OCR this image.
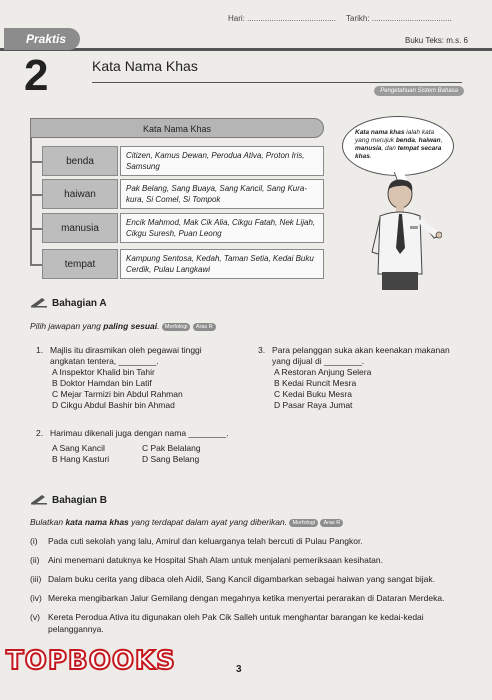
Hari: ........................................ Tarikh: ....................................
Praktis	Buku Teks: m.s. 6
2	Kata Nama Khas
Pengetahuan Sistem Bahasa
Kata Nama Khas
benda
Citizen, Kamus Dewan, Perodua Ativa, Proton Iris, Samsung
haiwan
Pak Belang, Sang Buaya, Sang Kancil, Sang Kura-kura, Si Comel, Si Tompok
manusia
Encik Mahmod, Mak Cik Alia, Cikgu Fatah, Nek Lijah, Cikgu Suresh, Puan Leong
tempat
Kampung Sentosa, Kedah, Taman Setia, Kedai Buku Cerdik, Pulau Langkawi
Kata nama khas ialah kata yang merujuk benda, haiwan, manusia, dan tempat secara khas.
Bahagian A
Pilih jawapan yang paling sesuai. Morfologi Aras R
1. Majlis itu dirasmikan oleh pegawai tinggi angkatan tentera, ________.
A Inspektor Khalid bin Tahir
B Doktor Hamdan bin Latif
C Mejar Tarmizi bin Abdul Rahman
D Cikgu Abdul Bashir bin Ahmad
2. Harimau dikenali juga dengan nama ________.
A Sang Kancil	C Pak Belalang
B Hang Kasturi	D Sang Belang
3. Para pelanggan suka akan keenakan makanan yang dijual di ________.
A Restoran Anjung Selera
B Kedai Runcit Mesra
C Kedai Buku Mesra
D Pasar Raya Jumat
Bahagian B
Bulatkan kata nama khas yang terdapat dalam ayat yang diberikan. Morfologi Aras R
(i)	Pada cuti sekolah yang lalu, Amirul dan keluarganya telah bercuti di Pulau Pangkor.
(ii)	Aini menemani datuknya ke Hospital Shah Alam untuk menjalani pemeriksaan kesihatan.
(iii) Dalam buku cerita yang dibaca oleh Aidil, Sang Kancil digambarkan sebagai haiwan yang sangat bijak.
(iv) Mereka mengibarkan Jalur Gemilang dengan megahnya ketika menyertai perarakan di Dataran Merdeka.
(v) Kereta Perodua Ativa itu digunakan oleh Pak Cik Salleh untuk menghantar barangan ke kedai-kedai pelanggannya.
3
TOPBOOKS
